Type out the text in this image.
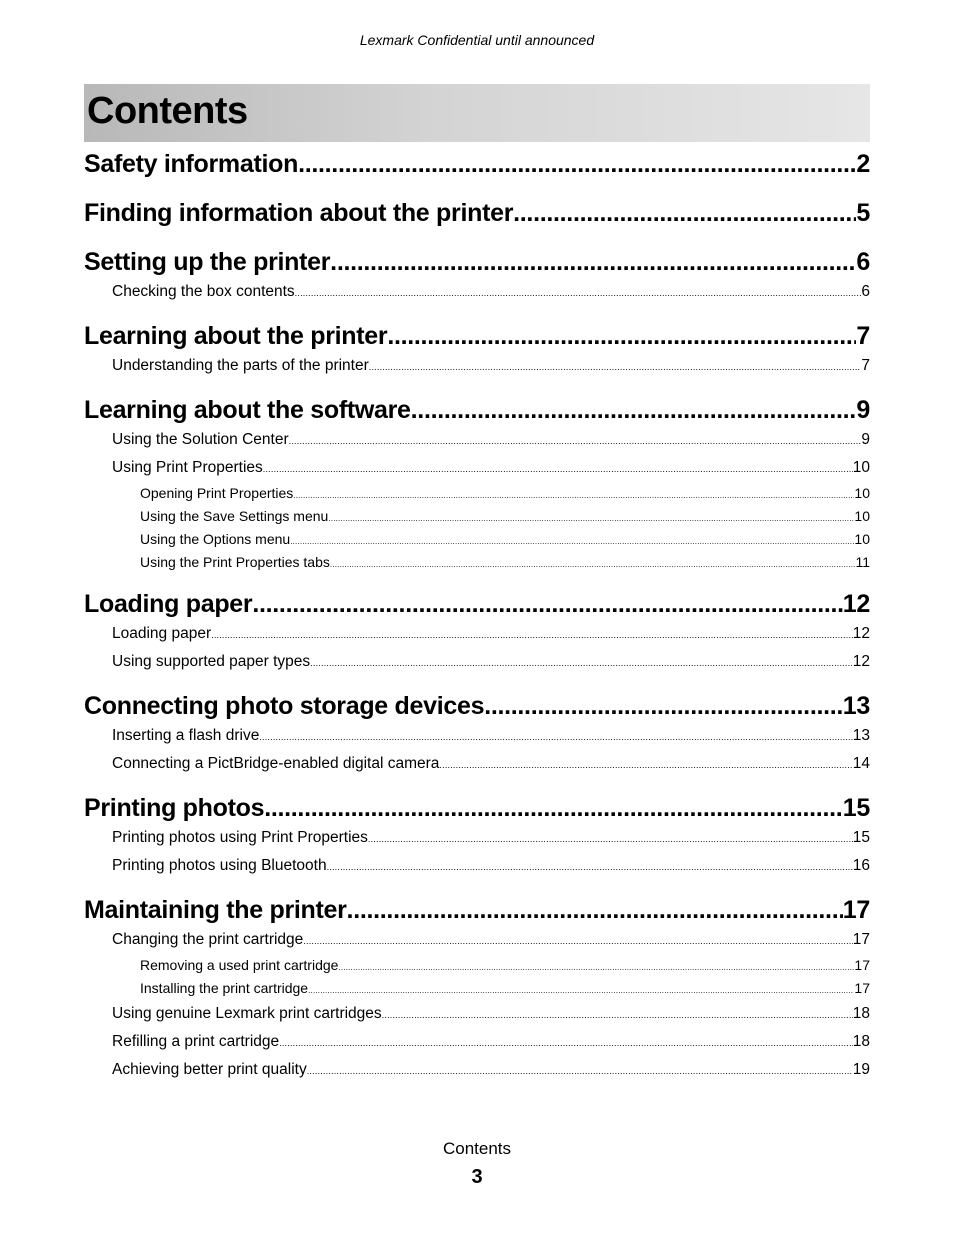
Lexmark Confidential until announced
Contents
Safety information .....	2
Finding information about the printer .....	5
Setting up the printer .....	6
Checking the box contents .....	6
Learning about the printer .....	7
Understanding the parts of the printer .....	7
Learning about the software .....	9
Using the Solution Center .....	9
Using Print Properties .....	10
Opening Print Properties .....	10
Using the Save Settings menu .....	10
Using the Options menu .....	10
Using the Print Properties tabs .....	11
Loading paper .....	12
Loading paper .....	12
Using supported paper types .....	12
Connecting photo storage devices .....	13
Inserting a flash drive .....	13
Connecting a PictBridge-enabled digital camera .....	14
Printing photos .....	15
Printing photos using Print Properties .....	15
Printing photos using Bluetooth .....	16
Maintaining the printer .....	17
Changing the print cartridge .....	17
Removing a used print cartridge .....	17
Installing the print cartridge .....	17
Using genuine Lexmark print cartridges .....	18
Refilling a print cartridge .....	18
Achieving better print quality .....	19
Contents
3
